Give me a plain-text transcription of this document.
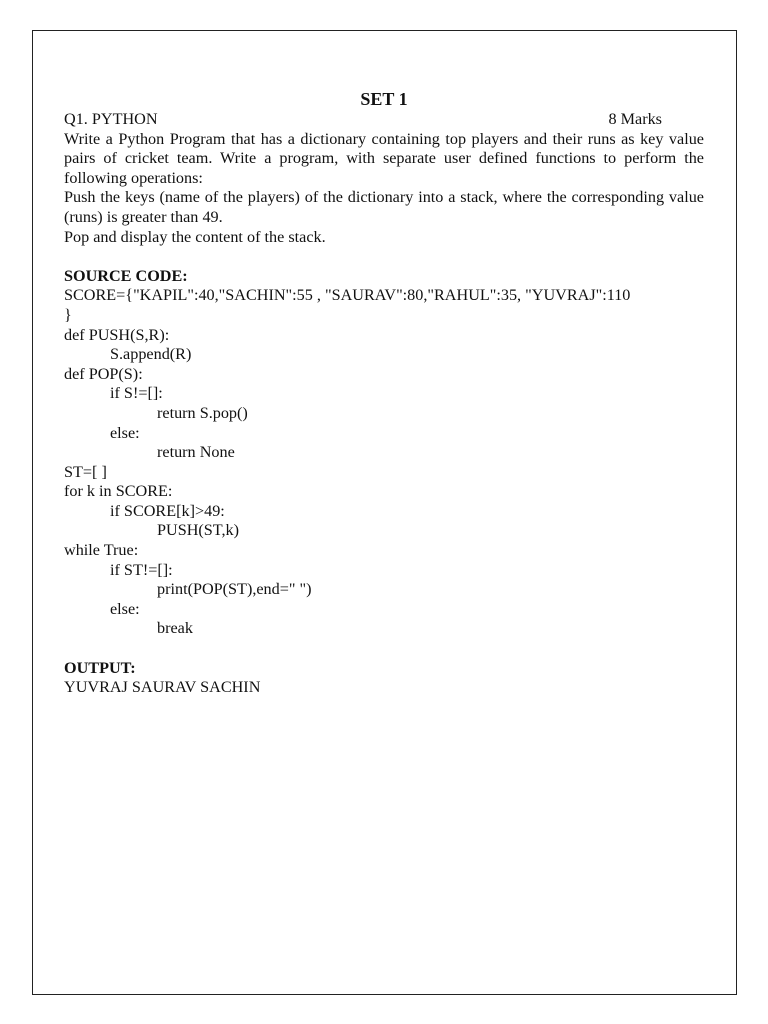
SET 1
Q1. PYTHON	8 Marks

Write a Python Program that has a dictionary containing top players and their runs as key value pairs of cricket team. Write a program, with separate user defined functions to perform the following operations:

Push the keys (name of the players) of the dictionary into a stack, where the corresponding value (runs) is greater than 49.

Pop and display the content of the stack.

SOURCE CODE:
SCORE={"KAPIL":40,"SACHIN":55 , "SAURAV":80,"RAHUL":35, "YUVRAJ":110
}
def PUSH(S,R):
S.append(R)
def POP(S):
if S!=[]:
return S.pop()
else:
return None
ST=[ ]
for k in SCORE:
if SCORE[k]>49:
PUSH(ST,k)
while True:
if ST!=[]:
print(POP(ST),end=" ")
else:
break
OUTPUT:
YUVRAJ SAURAV SACHIN
